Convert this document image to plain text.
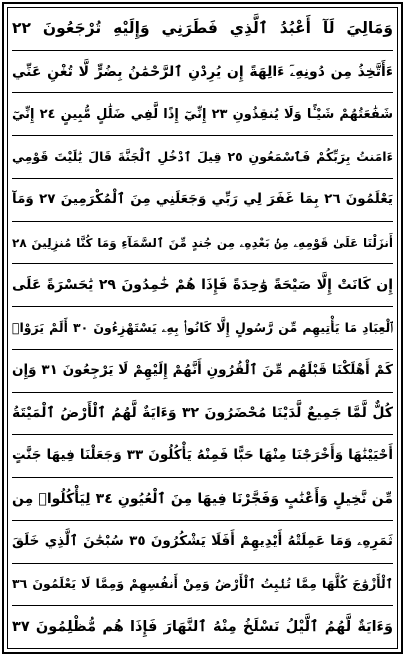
وَمَالِيَ لَآ أَعْبُدُ ٱلَّذِي فَطَرَنِي وَإِلَيْهِ تُرْجَعُونَ ٢٢
ءَأَتَّخِذُ مِن دُونِهِۦٓ ءَالِهَةً إِن يُرِدْنِ ٱلرَّحْمَٰنُ بِضُرٍّ لَّا تُغْنِ عَنِّي
شَفَٰعَتُهُمْ شَيْـًٔا وَلَا يُنقِذُونِ ٢٣ إِنِّيٓ إِذًا لَّفِي ضَلَٰلٍ مُّبِينٍ ٢٤ إِنِّيٓ
ءَامَنتُ بِرَبِّكُمْ فَٱسْمَعُونِ ٢٥ قِيلَ ٱدْخُلِ ٱلْجَنَّةَ قَالَ يَٰلَيْتَ قَوْمِي
يَعْلَمُونَ ٢٦ بِمَا غَفَرَ لِي رَبِّي وَجَعَلَنِي مِنَ ٱلْمُكْرَمِينَ ٢٧ وَمَآ
أَنزَلْنَا عَلَىٰ قَوْمِهِۦ مِنۢ بَعْدِهِۦ مِن جُندٍ مِّنَ ٱلسَّمَآءِ وَمَا كُنَّا مُنزِلِينَ ٢٨
إِن كَانَتْ إِلَّا صَيْحَةً وَٰحِدَةً فَإِذَا هُمْ خَٰمِدُونَ ٢٩ يَٰحَسْرَةً عَلَى
ٱلْعِبَادِ مَا يَأْتِيهِم مِّن رَّسُولٍ إِلَّا كَانُوا۟ بِهِۦ يَسْتَهْزِءُونَ ٣٠ أَلَمْ يَرَوْا۟
كَمْ أَهْلَكْنَا قَبْلَهُم مِّنَ ٱلْقُرُونِ أَنَّهُمْ إِلَيْهِمْ لَا يَرْجِعُونَ ٣١ وَإِن
كُلٌّ لَّمَّا جَمِيعٌ لَّدَيْنَا مُحْضَرُونَ ٣٢ وَءَايَةٌ لَّهُمُ ٱلْأَرْضُ ٱلْمَيْتَةُ
أَحْيَيْنَٰهَا وَأَخْرَجْنَا مِنْهَا حَبًّا فَمِنْهُ يَأْكُلُونَ ٣٣ وَجَعَلْنَا فِيهَا جَنَّٰتٍ
مِّن نَّخِيلٍ وَأَعْنَٰبٍ وَفَجَّرْنَا فِيهَا مِنَ ٱلْعُيُونِ ٣٤ لِيَأْكُلُوا۟ مِن
ثَمَرِهِۦ وَمَا عَمِلَتْهُ أَيْدِيهِمْ أَفَلَا يَشْكُرُونَ ٣٥ سُبْحَٰنَ ٱلَّذِي خَلَقَ
ٱلْأَزْوَٰجَ كُلَّهَا مِمَّا تُنۢبِتُ ٱلْأَرْضُ وَمِنْ أَنفُسِهِمْ وَمِمَّا لَا يَعْلَمُونَ ٣٦
وَءَايَةٌ لَّهُمُ ٱلَّيْلُ نَسْلَخُ مِنْهُ ٱلنَّهَارَ فَإِذَا هُم مُّظْلِمُونَ ٣٧
